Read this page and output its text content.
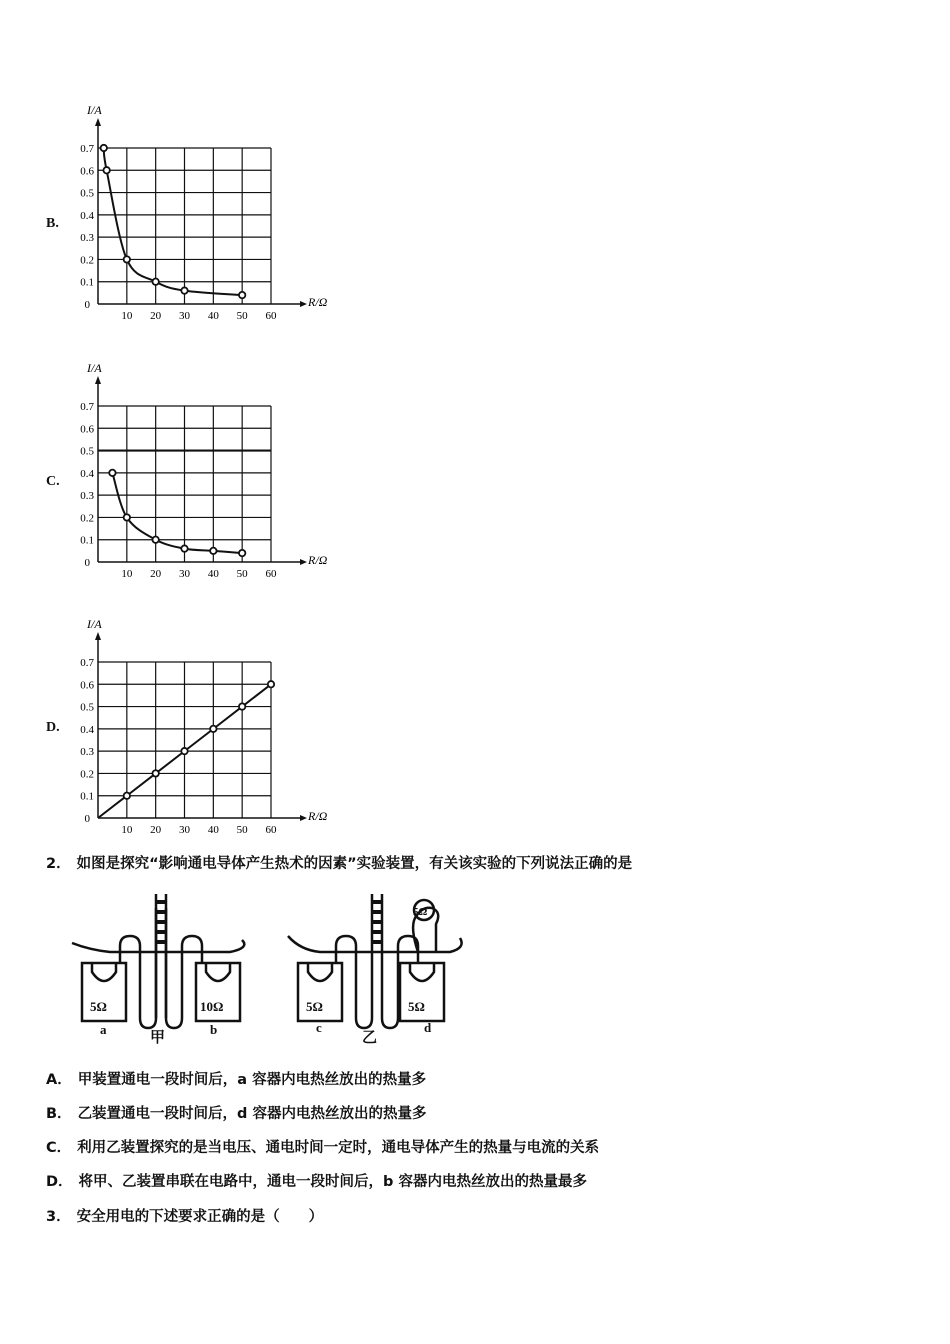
B.
10 20 30 40 50 60
0.1
0.2
0.3
0.4
0.5
0.6
0.7
0	R/Ω
I/A
C.
10 20 30 40 50 60
0.1
0.2
0.3
0.4
0.5
0.6
0.7
0	R/Ω
I/A
D.
10 20 30 40 50 60
0.1
0.2
0.3
0.4
0.5
0.6
0.7
0	R/Ω
I/A
2． 如图是探究“影响通电导体产生热术的因素”实验装置，有关该实验的下列说法正确的是
5Ω	10Ω	5Ω	5Ω
5Ω
a	b	c	d
甲	乙
A． 甲装置通电一段时间后，a 容器内电热丝放出的热量多
B． 乙装置通电一段时间后，d 容器内电热丝放出的热量多
C． 利用乙装置探究的是当电压、通电时间一定时，通电导体产生的热量与电流的关系
D． 将甲、乙装置串联在电路中，通电一段时间后，b 容器内电热丝放出的热量最多
3． 安全用电的下述要求正确的是（　　）
